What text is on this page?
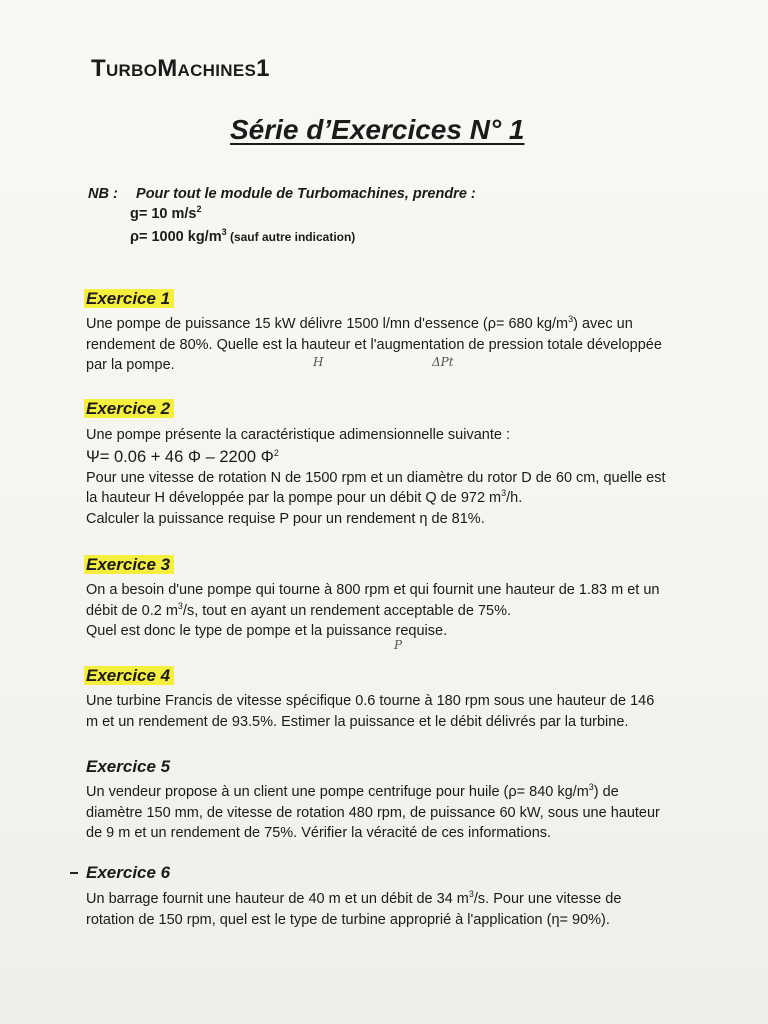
TurboMachines1
Série d’Exercices N° 1
NB : Pour tout le module de Turbomachines, prendre :
g= 10 $m/s^2$
ρ= 1000 $kg/m^3$ (sauf autre indication)
Exercice 1
Une pompe de puissance 15 kW délivre 1500 l/mn d'essence (ρ= 680 $kg/m^3$) avec un
rendement de 80%. Quelle est la hauteur et l'augmentation de pression totale développée
par la pompe.	H	ΔPt
Exercice 2
Une pompe présente la caractéristique adimensionnelle suivante :
Ψ= 0.06 + 46 Φ – 2200 $\Phi^2$
Pour une vitesse de rotation N de 1500 rpm et un diamètre du rotor D de 60 cm, quelle est
la hauteur H développée par la pompe pour un débit Q de 972 $m^3/h$.
Calculer la puissance requise P pour un rendement η de 81%.
Exercice 3
On a besoin d'une pompe qui tourne à 800 rpm et qui fournit une hauteur de 1.83 m et un
débit de 0.2 $m^3/s$, tout en ayant un rendement acceptable de 75%.
Quel est donc le type de pompe et la puissance requise.
P
Exercice 4
Une turbine Francis de vitesse spécifique 0.6 tourne à 180 rpm sous une hauteur de 146
m et un rendement de 93.5%. Estimer la puissance et le débit délivrés par la turbine.
Exercice 5
Un vendeur propose à un client une pompe centrifuge pour huile (ρ= 840 $kg/m^3$) de
diamètre 150 mm, de vitesse de rotation 480 rpm, de puissance 60 kW, sous une hauteur
de 9 m et un rendement de 75%. Vérifier la véracité de ces informations.
Exercice 6
Un barrage fournit une hauteur de 40 m et un débit de 34 $m^3/s$. Pour une vitesse de
rotation de 150 rpm, quel est le type de turbine approprié à l'application (η= 90%).
